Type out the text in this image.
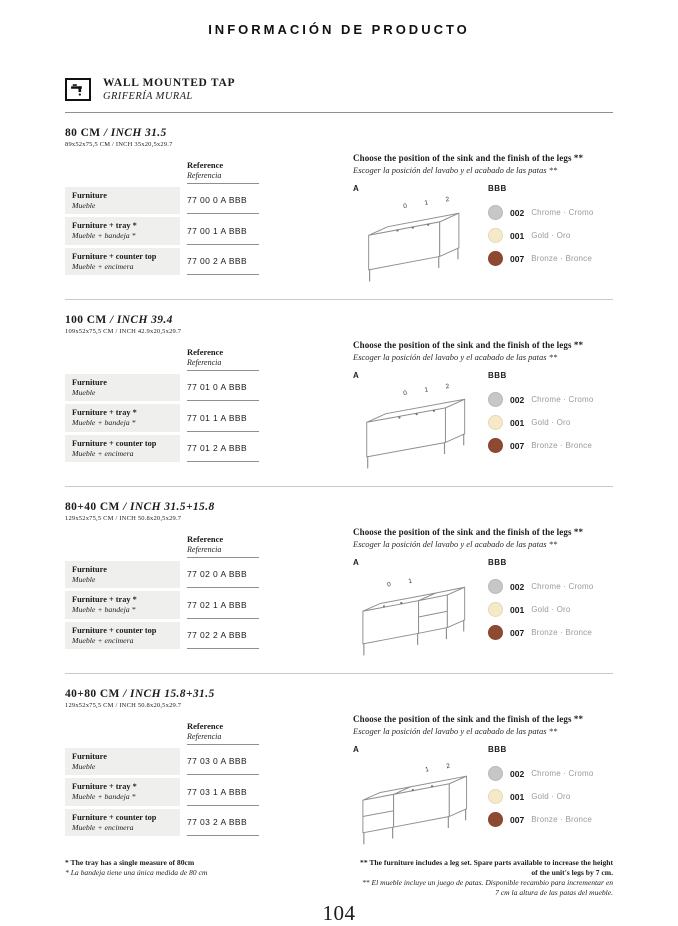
INFORMACIÓN DE PRODUCTO
WALL MOUNTED TAP
GRIFERÍA MURAL
80 CM / INCH 31.5
89x52x75,5 CM / INCH 35x20,5x29.7
Reference
Referencia
Furniture
Mueble	77 00 0 A BBB
Furniture + tray *
Mueble + bandeja *	77 00 1 A BBB
Furniture + counter top
Mueble + encimera	77 00 2 A BBB
Choose the position of the sink and the finish of the legs **
Escoger la posición del lavabo y el acabado de las patas **
A
0 1 2
BBB
002 Chrome · Cromo
001 Gold · Oro
007 Bronze · Bronce
100 CM / INCH 39.4
109x52x75,5 CM / INCH 42.9x20,5x29.7
Reference
Referencia
Furniture
Mueble	77 01 0 A BBB
Furniture + tray *
Mueble + bandeja *	77 01 1 A BBB
Furniture + counter top
Mueble + encimera	77 01 2 A BBB
Choose the position of the sink and the finish of the legs **
Escoger la posición del lavabo y el acabado de las patas **
A
0 1 2
BBB
002 Chrome · Cromo
001 Gold · Oro
007 Bronze · Bronce
80+40 CM / INCH 31.5+15.8
129x52x75,5 CM / INCH 50.8x20,5x29.7
Reference
Referencia
Furniture
Mueble	77 02 0 A BBB
Furniture + tray *
Mueble + bandeja *	77 02 1 A BBB
Furniture + counter top
Mueble + encimera	77 02 2 A BBB
Choose the position of the sink and the finish of the legs **
Escoger la posición del lavabo y el acabado de las patas **
A
0 1
BBB
002 Chrome · Cromo
001 Gold · Oro
007 Bronze · Bronce
40+80 CM / INCH 15.8+31.5
129x52x75,5 CM / INCH 50.8x20,5x29.7
Reference
Referencia
Furniture
Mueble	77 03 0 A BBB
Furniture + tray *
Mueble + bandeja *	77 03 1 A BBB
Furniture + counter top
Mueble + encimera	77 03 2 A BBB
Choose the position of the sink and the finish of the legs **
Escoger la posición del lavabo y el acabado de las patas **
A
1 2
BBB
002 Chrome · Cromo
001 Gold · Oro
007 Bronze · Bronce
* The tray has a single measure of 80cm
* La bandeja tiene una única medida de 80 cm
** The furniture includes a leg set. Spare parts available to increase the height of the unit's legs by 7 cm.
** El mueble incluye un juego de patas. Disponible recambio para incrementar en 7 cm la altura de las patas del mueble.
104
